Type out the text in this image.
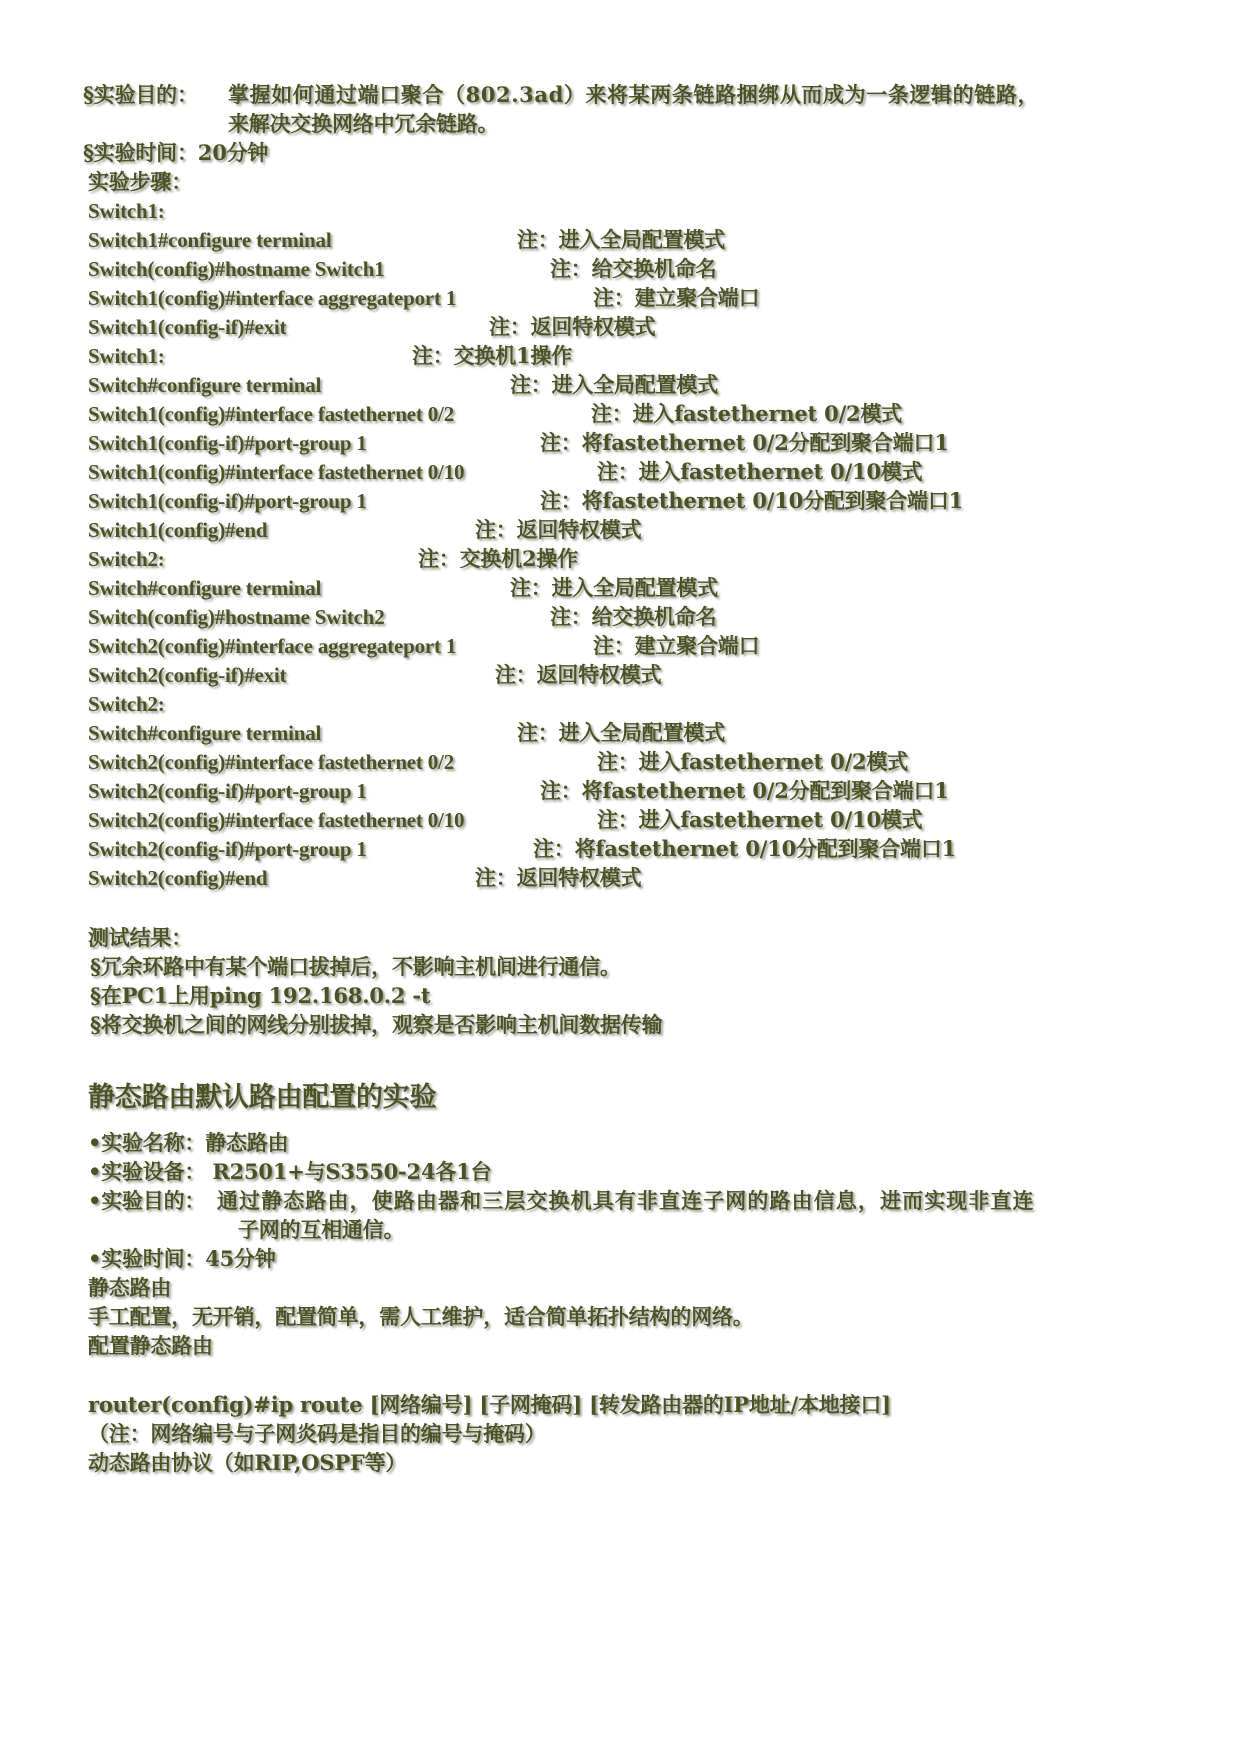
§实验目的： 掌握如何通过端口聚合（802.3ad）来将某两条链路捆绑从而成为一条逻辑的链路，
来解决交换网络中冗余链路。
§实验时间：20分钟
实验步骤：
Switch1:
Switch1#configure terminal	注：进入全局配置模式
Switch(config)#hostname Switch1	注：给交换机命名
Switch1(config)#interface aggregateport 1	注：建立聚合端口
Switch1(config-if)#exit	注：返回特权模式
Switch1:	注：交换机1操作
Switch#configure terminal	注：进入全局配置模式
Switch1(config)#interface fastethernet 0/2	注：进入fastethernet 0/2模式
Switch1(config-if)#port-group 1	注：将fastethernet 0/2分配到聚合端口1
Switch1(config)#interface fastethernet 0/10	注：进入fastethernet 0/10模式
Switch1(config-if)#port-group 1	注：将fastethernet 0/10分配到聚合端口1
Switch1(config)#end	注：返回特权模式
Switch2:	注：交换机2操作
Switch#configure terminal	注：进入全局配置模式
Switch(config)#hostname Switch2	注：给交换机命名
Switch2(config)#interface aggregateport 1	注：建立聚合端口
Switch2(config-if)#exit	注：返回特权模式
Switch2:
Switch#configure terminal	注：进入全局配置模式
Switch2(config)#interface fastethernet 0/2	注：进入fastethernet 0/2模式
Switch2(config-if)#port-group 1	注：将fastethernet 0/2分配到聚合端口1
Switch2(config)#interface fastethernet 0/10	注：进入fastethernet 0/10模式
Switch2(config-if)#port-group 1	注：将fastethernet 0/10分配到聚合端口1
Switch2(config)#end	注：返回特权模式
测试结果：
§冗余环路中有某个端口拔掉后，不影响主机间进行通信。
§在PC1上用ping 192.168.0.2 -t
§将交换机之间的网线分别拔掉，观察是否影响主机间数据传输
静态路由默认路由配置的实验
•实验名称：静态路由
•实验设备： R2501+与S3550-24各1台
•实验目的： 通过静态路由，使路由器和三层交换机具有非直连子网的路由信息，进而实现非直连
子网的互相通信。
•实验时间：45分钟
静态路由
手工配置，无开销，配置简单，需人工维护，适合简单拓扑结构的网络。
配置静态路由
router(config)#ip route [网络编号] [子网掩码] [转发路由器的IP地址/本地接口]
（注：网络编号与子网炎码是指目的编号与掩码）
动态路由协议（如RIP,OSPF等）
